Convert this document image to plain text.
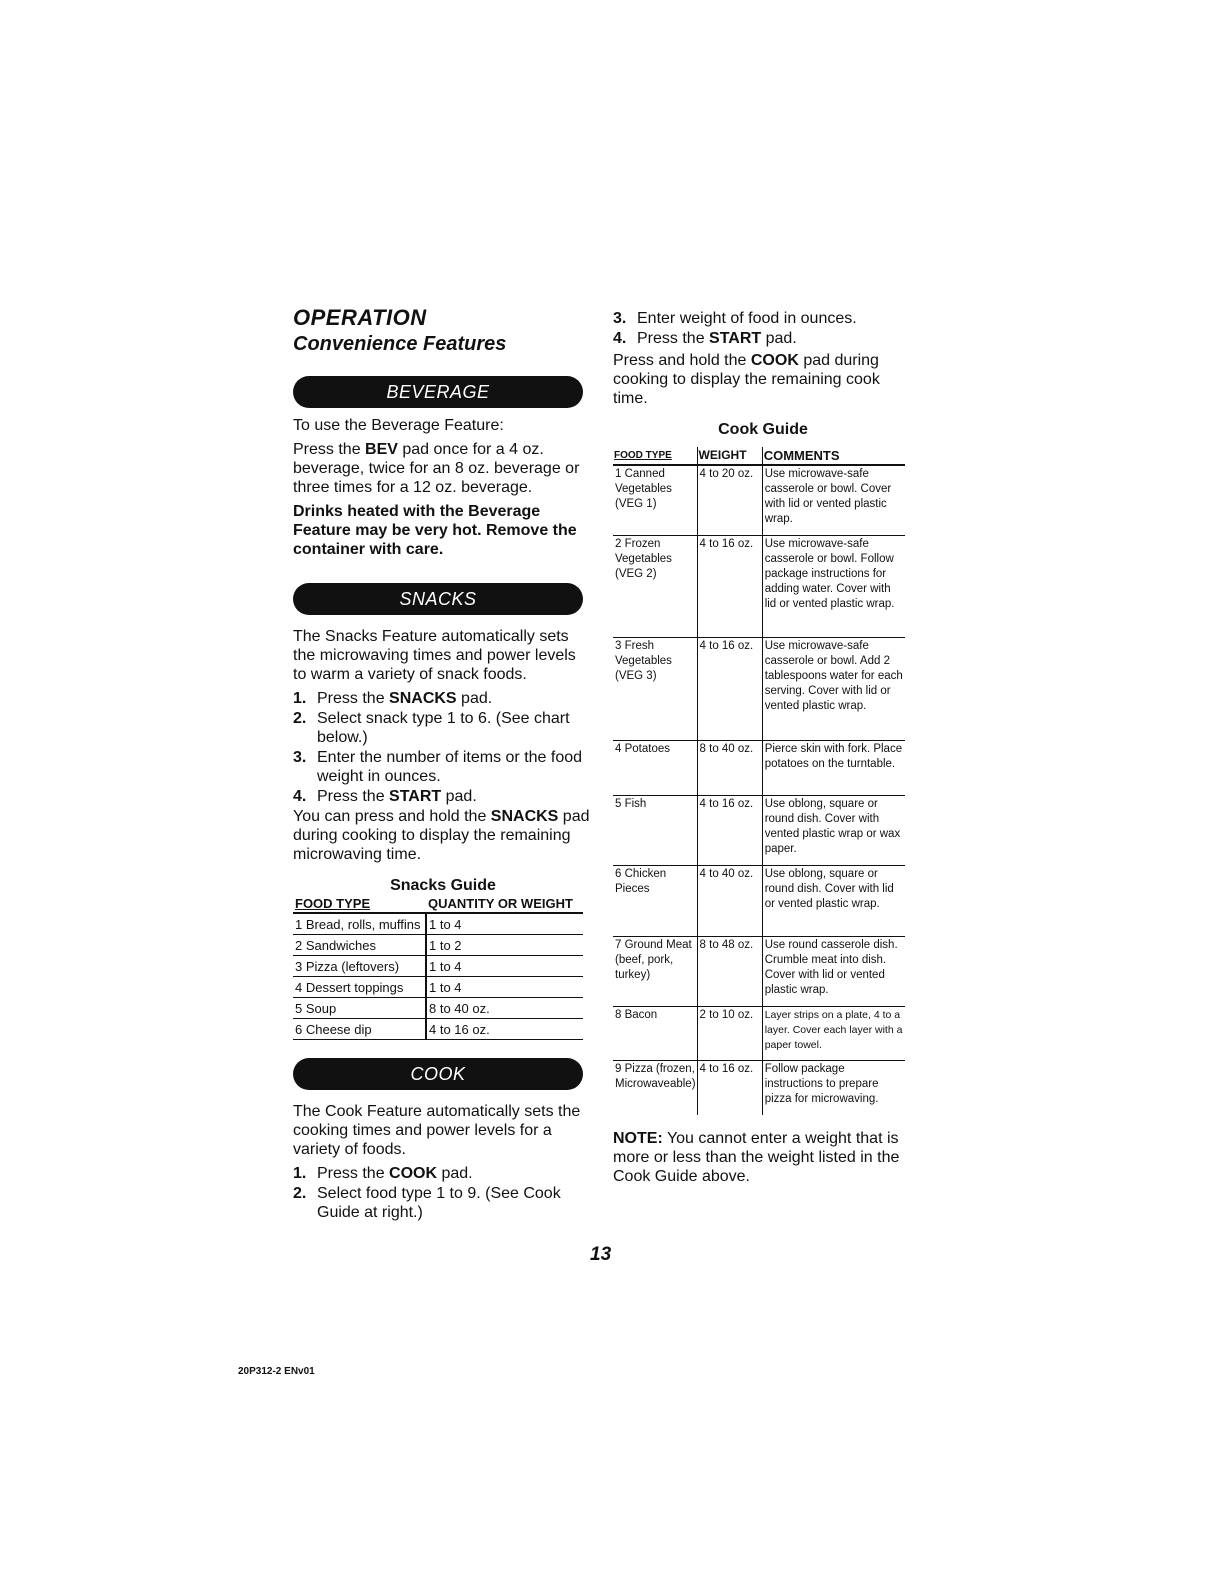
OPERATION
Convenience Features
BEVERAGE

To use the Beverage Feature:

Press the BEV pad once for a 4 oz. beverage, twice for an 8 oz. beverage or three times for a 12 oz. beverage.

Drinks heated with the Beverage Feature may be very hot. Remove the container with care.

SNACKS

The Snacks Feature automatically sets the microwaving times and power levels to warm a variety of snack foods.

1. Press the SNACKS pad.
2. Select snack type 1 to 6. (See chart below.)
3. Enter the number of items or the food weight in ounces.
4. Press the START pad.

You can press and hold the SNACKS pad during cooking to display the remaining microwaving time.

Snacks Guide
FOOD TYPE	QUANTITY OR WEIGHT
1 Bread, rolls, muffins	1 to 4
2 Sandwiches	1 to 2
3 Pizza (leftovers)	1 to 4
4 Dessert toppings	1 to 4
5 Soup	8 to 40 oz.
6 Cheese dip	4 to 16 oz.
COOK

The Cook Feature automatically sets the cooking times and power levels for a variety of foods.

1. Press the COOK pad.
2. Select food type 1 to 9. (See Cook Guide at right.)
3. Enter weight of food in ounces.
4. Press the START pad.

Press and hold the COOK pad during cooking to display the remaining cook time.

Cook Guide
FOOD TYPE	WEIGHT	COMMENTS
1 Canned Vegetables (VEG 1)	4 to 20 oz.	Use microwave-safe casserole or bowl. Cover with lid or vented plastic wrap.
2 Frozen Vegetables (VEG 2)	4 to 16 oz.	Use microwave-safe casserole or bowl. Follow package instructions for adding water. Cover with lid or vented plastic wrap.
3 Fresh Vegetables (VEG 3)	4 to 16 oz.	Use microwave-safe casserole or bowl. Add 2 tablespoons water for each serving. Cover with lid or vented plastic wrap.
4 Potatoes	8 to 40 oz.	Pierce skin with fork. Place potatoes on the turntable.
5 Fish	4 to 16 oz.	Use oblong, square or round dish. Cover with vented plastic wrap or wax paper.
6 Chicken Pieces	4 to 40 oz.	Use oblong, square or round dish. Cover with lid or vented plastic wrap.
7 Ground Meat (beef, pork, turkey)	8 to 48 oz.	Use round casserole dish. Crumble meat into dish. Cover with lid or vented plastic wrap.
8 Bacon	2 to 10 oz.	Layer strips on a plate, 4 to a layer. Cover each layer with a paper towel.
9 Pizza (frozen, Microwaveable)	4 to 16 oz.	Follow package instructions to prepare pizza for microwaving.

NOTE: You cannot enter a weight that is more or less than the weight listed in the Cook Guide above.

13
20P312-2 ENv01
